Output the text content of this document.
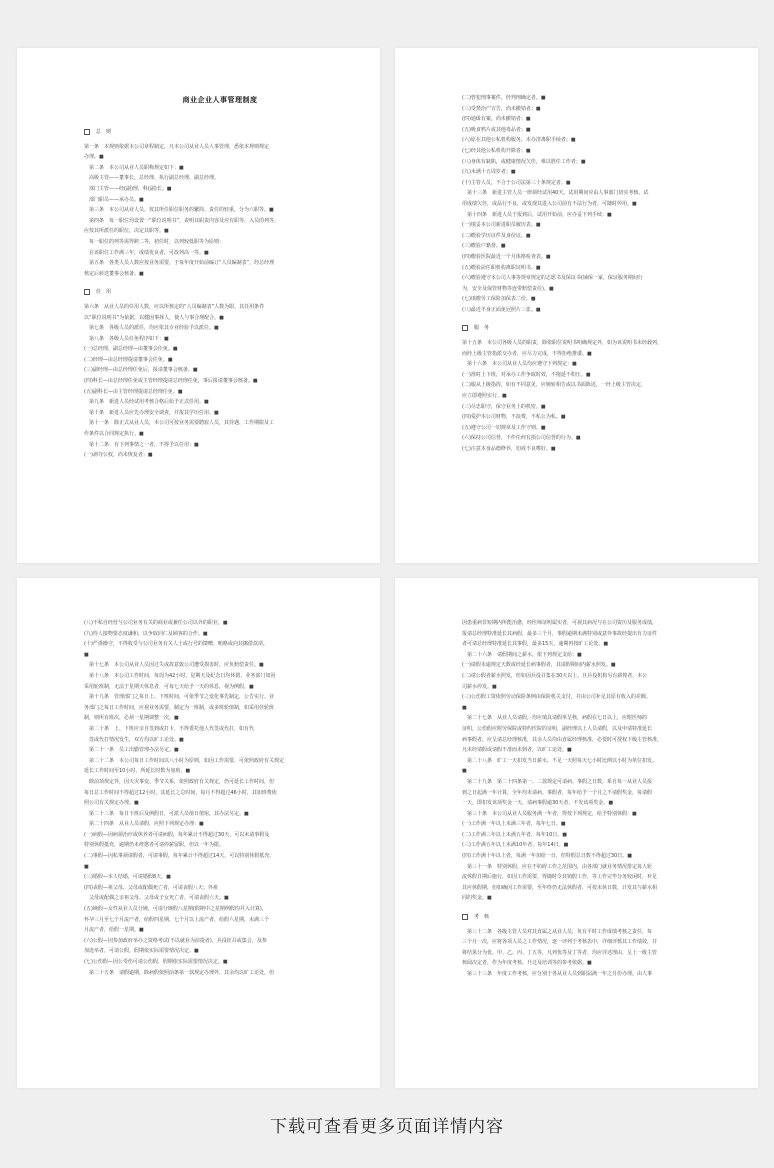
商业企业人事管理制度
总　则
第一条　本规则依据本公司章程制定，凡本公司从业人员人事管理，悉依本规则规定
办理。■
　第二条　本公司从业人员职称规定如下：■
　高级主管——董事长、总经理、执行副总经理、副总经理。
　部门主管——经(副)理，科(副)长。■
　部门职员——承办员。■
　第三条　本公司从业人员，按其所任职位职务的繁简、责任的轻重，分为六职等。■
　第四条　每一职位均设置一“职位说明书”，说明其职责内容及应有职等，入员的列等，
应按其所派任的职位，决定其职等。■
　每一职位的列等需得跨二等，初任时，以列较低职等为原则：
　在该职位工作满三年，成绩优良者，可改列高一等。■
　第五条　各类人员人数应按业务需要，于每年度开始前编订“人员编制表”，经总经理
核定后转送董事会核备。■
任　用
第六条　从业人员的任用人数，应以所核定的“人员编制表”人数为限，其任用条件
以“职位说明书”为依据，以健因事择人，使人与事合理配合。■
　第七条　各级人员的派任，均应依其专业经验予以派任。■
　第八条　各级人员任免程序如下：■
(一)总经理、副总经理—由董事会任免。■
(二)经理—由总经理提请董事会任免。■
(三)副经理—由总经理任免后，报请董事会核备。■
(四)科长—由总经理任免或主管经理提请总经理任免，事后报请董事会核备。■
(五)副科长—由主管经理提请总经理任免。■
　第九条　新进人员经试用考核合格后始予正式任用。■
　第十条　新进人员应先办理安全调查，并报其学历任用。■
　第十一条　除正式从业人员，本公司可按业务需要聘雇人员，其待遇、工作期限及工
作条件以合同规定执行。■
　第十二条　有下列事情之一者，不得予以任用：■
(一)剥夺公权，尚未恢复者；■
(二)曾犯刑事案件，经判刑确定者。■
(三)受禁治产宣告，尚未撤销者；■
(四)通缉有案，尚未撤销者；■
(五)吸食鸦片或其他毒品者；■
(六)原在其他公私机构服务，未办清离职手续者；■
(七)经其他公私机构开除者；■
(八)身体有缺陷，或健康情况欠佳，难以胜任工作者；■
(九)未满十五周岁者；■
(十)主管人员，不合于公司法第三十条规定者。■
　第十三条　新进主管人员一律须经试用40天，试用期间应由人事部门切实考核，试
用成绩欠佳，或品行不良，或发现其进入公司前有不法行为者，可随时停用。■
　第十四条　新进人员于报到后，试用开始前，应办妥下列手续：■
(一)填妥本公司新进职员履历表。■
(二)缴验学历证件及身份证。■
(三)缴验户籍誊。■
(四)缴验医院最近一个月体格检查表。■
(五)缴验前任职机构离职证明书。■
(六)缴验遵守本公司人事等规章规定的志愿书及保证书(铺保一家，保证服务期间行
为，安全及保管财物等连带赔偿责任)。■
(七)填缴劳工保险加保表二份。■
(八)最近半身正面免冠照片三张。■
服　务
第十五条　本公司各级人员的职责，除依职位说明书明确规定外，如为该说明书未经载列，
而经上级主管指派交办者，应尽力完成，不得拒绝推诿。■
　第十六条　本公司从业人员均应遵守下列规定：■
(一)准时上下班，对承办工作争取时效，不拖延不积压。■
(二)服从上级指挥，如有不同意见，应婉转相告或以书面陈述，一经上级主管决定，
应立即遵照实行。■
(三)尽忠职守，保守业务上的机密。■
(四)爱护本公司财物，不浪费，不私公为私。■
(五)遵守公司一切规章及工作守则。■
(六)保持公司信誉，不作任何有损公司信誉的行为。■
(七)注意本身品德修养，切戒不良嗜好。■
(八)不私自经营与公司业务有关的商业或兼任公司以外的职业。■
(九)待人接物要态度谦和，以争取同仁及顾客的合作。■
(十)严谨操守，不得收受与公司业务有关人士或行号的馈赠、贿赂或向其挪借款项。
■
　第十七条　本公司从业人员因过失或故意致公司遭受损害时，应负赔偿责任。■
　第十八条　本公司工作时间，每周为42小时，星期天及纪念日均休假，业务部门如因
采用轮班制，无法于星期天休息者，可每七天给予一天的休息，视为例假。■
　第十九条　管理部门之每日上、下班时间，可依季节之变化事先制定，公告实行。业
务部门之每日工作时间，应视业务需要，制定为一班制，或多班轮值制，如采用佳轮班
制，则所有班次，必须一星期调整一次。■
　第二十条　上、下班应亲自签到或打卡，不得委托他人代签或代打，如有代
　签或代打情况发生，双方均以旷工论处。■
　第二十一条　员工出勤管理办法另定。■
　第二十二条　本公司每日工作时间以八小时为原则，如因工作需要，可依照政府有关规定
延长工作时间至10小时，所延长时数为加班。■
　除前项规定外，因天灾事变、季节关系，依照政府有关规定，仍可延长工作时间，但
每日总工作时间不得超过12小时，其延长之总时间，每月不得超过46小时，其加班费依
照公司有关规定办理。■
　第二十三条　每日下班后及例假日，可派人员值日值宿，其办法另定。■
　第二十四条　从业人员请假，应照下列规定办理：■
(一)病假—因病须治疗或休养者可请病假，每年累计不得超过30天，可以未请事假及
特别休假抵充，逾期仍未痊愈者可请停薪留职，但以一年为限。
(二)事假—因私事须请假者，可请事假，每年累计不得超过14天，可以特别休假抵充。
■
(三)婚假—本人结婚，可请婚假8天。■
(四)丧假—祖父母、父母或配偶死亡者，可请丧假八天；外祖
　父母或配偶之亲祖父母、父母或子女死亡者，可请丧假六天。■
(五)娩假—女性从业人员分娩，可请分娩假八星期(假期中之星期例假均并入计算)，
怀孕三月至七个月流产者，给假四星期，七个月以上流产者，给假六星期，未满三个
月流产者，给假一星期。■
(六)公假—因参加政府举办之资格考试(不以就业为前提者)，兵役征召或集会，及参
加选举者，可请公假，假期依实际需要情况决定。■
(七)公伤假—因公受伤可请公伤假，假期依实际需要情况决定。■
　第二十五条　请假逾期，除病假依照前条第一款规定办理外，其余均以旷工论处，但
因患重病非短期内所能治愈，经医师证明属实者，可视其病况与在公司资历及服务成绩，
报请总经理特准延长其病假，最多三个月，事假逾期未满特别或意外事故经提出有力证件
者可请总经理特准延长其事假，最多15天，逾期再按旷工论处。■
　第二十六条　请假期间之薪水，依下列规定支给：■
(一)请假未逾规定天数或经延长病事假者，其请假期间内薪水照发。■
(二)请公假者薪水照发，但如因兵役召集在30天以上，且兵役机构另有薪俸者，本公
司薪水停发。■
(三)公伤假工资依照劳动保险条例由保险机关支付，并由公司补足其原有收入的差额。
■
　第二十七条　从业人员请假，均应填具请假单呈核，病假在七日以上，应附医师的
证明，公伤假应附劳保院或特约医院的证明，副经理以上人员请假，以及申请特准延长
病事假者，应呈请总经理核准，其余人员均由直属经理核准，必要时可授权下级主管核准，
凡未经请假或请假不准而未到者，以旷工论处。■
　第二十八条　旷工一天扣发当日薪水，不足一天照每天七小时比例以小时为单位扣发。
■
　第二十九条　第二十四条第一、二款规定可请病、事假之日数，系自每一从业人员报
到之日起满一年计算，全年均未请病、事假者，每年给予一个月之不请假奖金，每请假
一天，即扣发该项奖金一天，请病事假逾30天者，不发该项奖金。■
　第三十条　本公司从业人员服务满一年者，得按下列规定，给予特别休假：■
(一)工作满一年以上未满三年者，每年七日。■
(二)工作满三年以上未满五年者，每年10日。■
(三)工作满五年以上未满10年者，每年14日。■
(四)工作满十年以上者，每满一年加给一日，但特假总日数不得超过30日。■
　第三十一条　特别休假，应在不妨碍工作之范围内，由各部门就业务情况排定每人轮
流休假日期后施行，如因工作需要，得随时令其销假工作，等工作完毕分务较闲时，补足
其应休假期，但如确因工作需要，至年终仍无法休假者，可按未休日数，计发其与薪水相
同的奖金。■
考　核
　第三十二条　各级主管人员对其直属之从业人员，负有平时工作成绩考核之责任，每
三个月一次，应将各项人员之工作情况，逐一评列于考核表中，详细评核其工作绩效，并
将结果分为优、甲、乙、丙、丁五等，凡列优等及丁等者，均应详述理由，呈上一级主管
核阅决定者，作为年度考核、升迁及培训等的参考依据。■
　第三十三条　年度工作考核，应分别于各从业人员到职届满一年之月份办理。由人事
下载可查看更多页面详情内容
